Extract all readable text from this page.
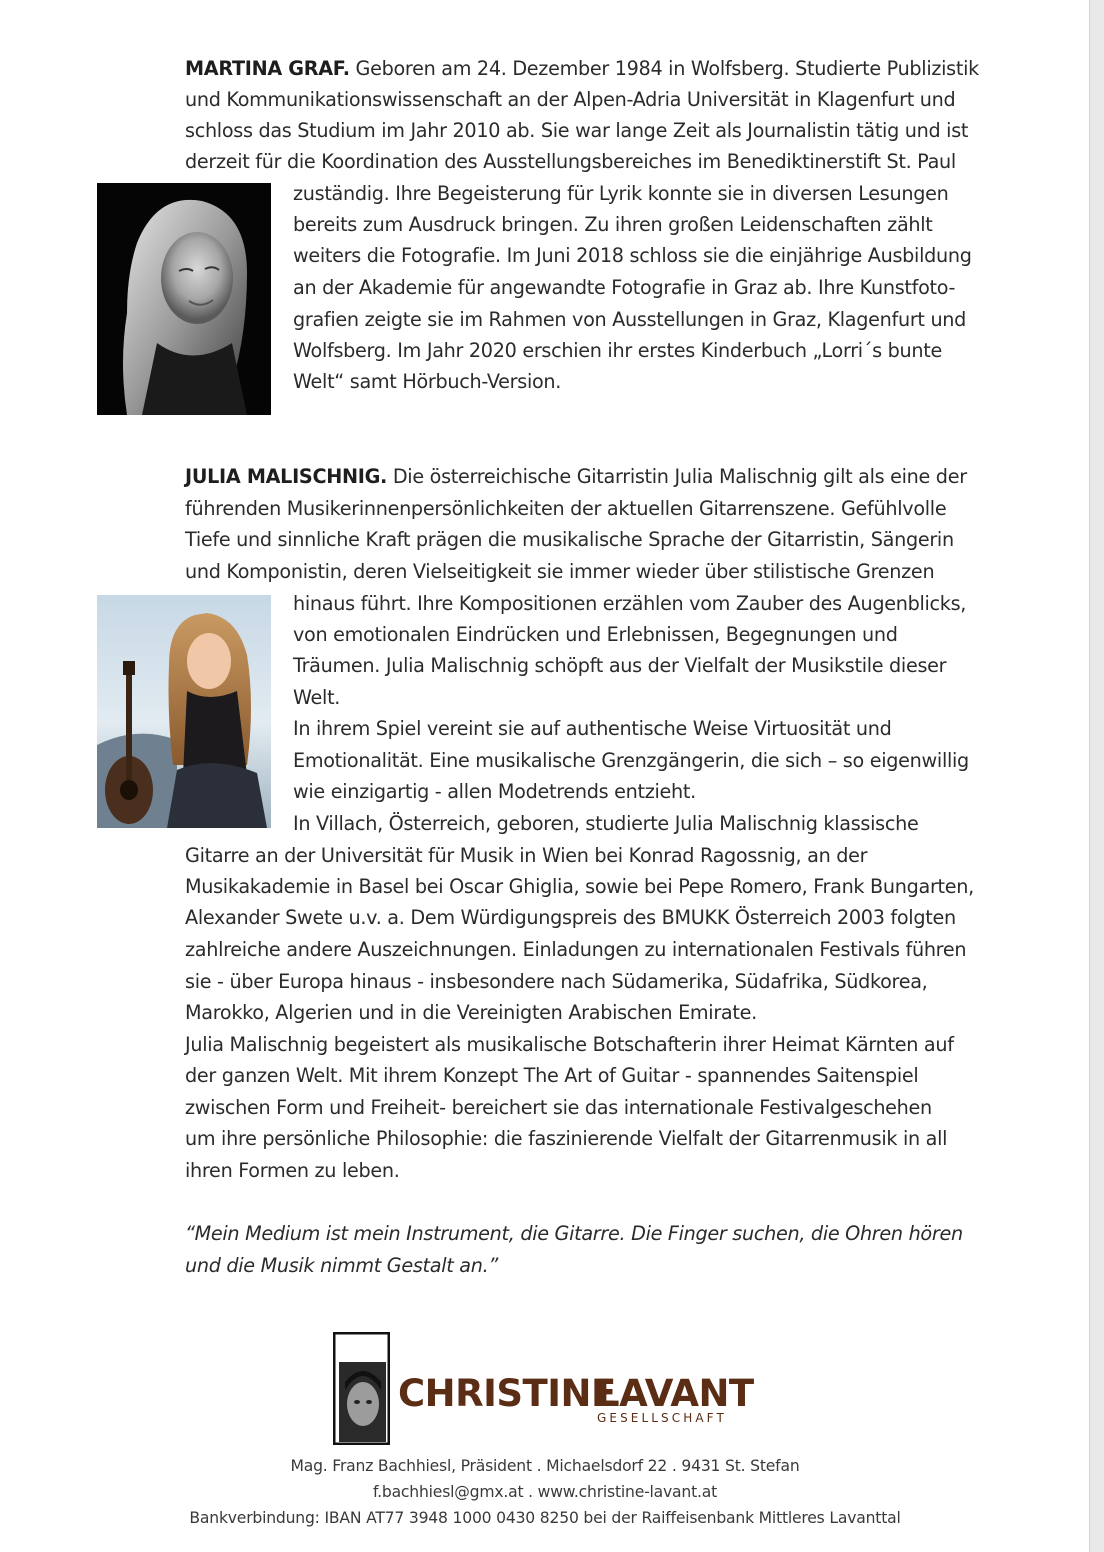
MARTINA GRAF. Geboren am 24. Dezember 1984 in Wolfsberg. Studierte Publizistik
und Kommunikationswissenschaft an der Alpen-Adria Universität in Klagenfurt und
schloss das Studium im Jahr 2010 ab. Sie war lange Zeit als Journalistin tätig und ist
derzeit für die Koordination des Ausstellungsbereiches im Benediktinerstift St. Paul
zuständig. Ihre Begeisterung für Lyrik konnte sie in diversen Lesungen
bereits zum Ausdruck bringen. Zu ihren großen Leidenschaften zählt
weiters die Fotografie. Im Juni 2018 schloss sie die einjährige Ausbildung
an der Akademie für angewandte Fotografie in Graz ab. Ihre Kunstfoto-
grafien zeigte sie im Rahmen von Ausstellungen in Graz, Klagenfurt und
Wolfsberg. Im Jahr 2020 erschien ihr erstes Kinderbuch „Lorri´s bunte
Welt“ samt Hörbuch-Version.
JULIA MALISCHNIG. Die österreichische Gitarristin Julia Malischnig gilt als eine der
führenden Musikerinnenpersönlichkeiten der aktuellen Gitarrenszene. Gefühlvolle
Tiefe und sinnliche Kraft prägen die musikalische Sprache der Gitarristin, Sängerin
und Komponistin, deren Vielseitigkeit sie immer wieder über stilistische Grenzen
hinaus führt. Ihre Kompositionen erzählen vom Zauber des Augenblicks,
von emotionalen Eindrücken und Erlebnissen, Begegnungen und
Träumen. Julia Malischnig schöpft aus der Vielfalt der Musikstile dieser
Welt.
In ihrem Spiel vereint sie auf authentische Weise Virtuosität und
Emotionalität. Eine musikalische Grenzgängerin, die sich – so eigenwillig
wie einzigartig - allen Modetrends entzieht.
In Villach, Österreich, geboren, studierte Julia Malischnig klassische
Gitarre an der Universität für Musik in Wien bei Konrad Ragossnig, an der
Musikakademie in Basel bei Oscar Ghiglia, sowie bei Pepe Romero, Frank Bungarten,
Alexander Swete u.v. a. Dem Würdigungspreis des BMUKK Österreich 2003 folgten
zahlreiche andere Auszeichnungen. Einladungen zu internationalen Festivals führen
sie - über Europa hinaus - insbesondere nach Südamerika, Südafrika, Südkorea,
Marokko, Algerien und in die Vereinigten Arabischen Emirate.
Julia Malischnig begeistert als musikalische Botschafterin ihrer Heimat Kärnten auf
der ganzen Welt. Mit ihrem Konzept The Art of Guitar - spannendes Saitenspiel
zwischen Form und Freiheit- bereichert sie das internationale Festivalgeschehen
um ihre persönliche Philosophie: die faszinierende Vielfalt der Gitarrenmusik in all
ihren Formen zu leben.
“Mein Medium ist mein Instrument, die Gitarre. Die Finger suchen, die Ohren hören
und die Musik nimmt Gestalt an.”
CHRISTINE
LAVANT
GESELLSCHAFT
Mag. Franz Bachhiesl, Präsident . Michaelsdorf 22 . 9431 St. Stefan
f.bachhiesl@gmx.at . www.christine-lavant.at
Bankverbindung: IBAN AT77 3948 1000 0430 8250 bei der Raiffeisenbank Mittleres Lavanttal
